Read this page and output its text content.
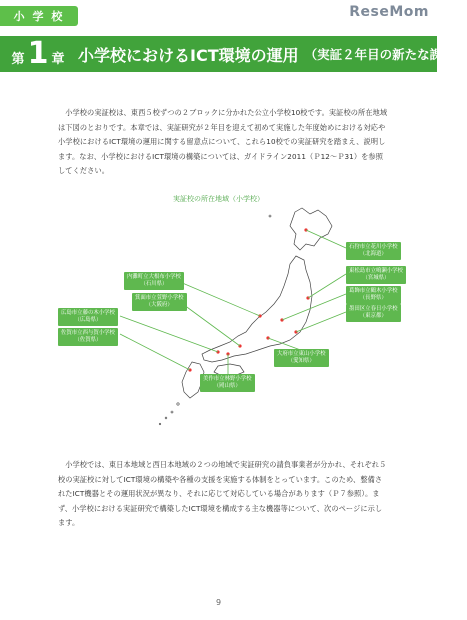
小 学 校	ReseMom
第 1 章 小学校におけるICT環境の運用 （実証２年目の新たな課題）

小学校の実証校は、東西５校ずつの２ブロックに分かれた公立小学校10校です。実証校の所在地域は下図のとおりです。本章では、実証研究が２年目を迎えて初めて実施した年度始めにおける対応や小学校におけるICT環境の運用に関する留意点について、これら10校での実証研究を踏まえ、説明します。なお、小学校におけるICT環境の構築については、ガイドライン2011（Ｐ12〜Ｐ31）を参照してください。

実証校の所在地域（小学校）
石狩市立花川小学校
（北海道）
東松島市立鳴瀬小学校
（宮城県）
葛飾市立鶴木小学校
（長野県）
墨田区立春日小学校
（東京都）
内灘町立大根布小学校
（石川県）
箕面市立萱野小学校
（大阪府）
広島市立藤の木小学校
（広島県）
佐賀市立西与賀小学校
（佐賀県）
大府市立東山小学校
（愛知県）
美作市立林野小学校
（岡山県）

小学校では、東日本地域と西日本地域の２つの地域で実証研究の請負事業者が分かれ、それぞれ５校の実証校に対してICT環境の構築や各種の支援を実施する体制をとっています。このため、整備されたICT機器とその運用状況が異なり、それに応じて対応している場合があります（Ｐ７参照）。まず、小学校における実証研究で構築したICT環境を構成する主な機器等について、次のページに示します。

9
